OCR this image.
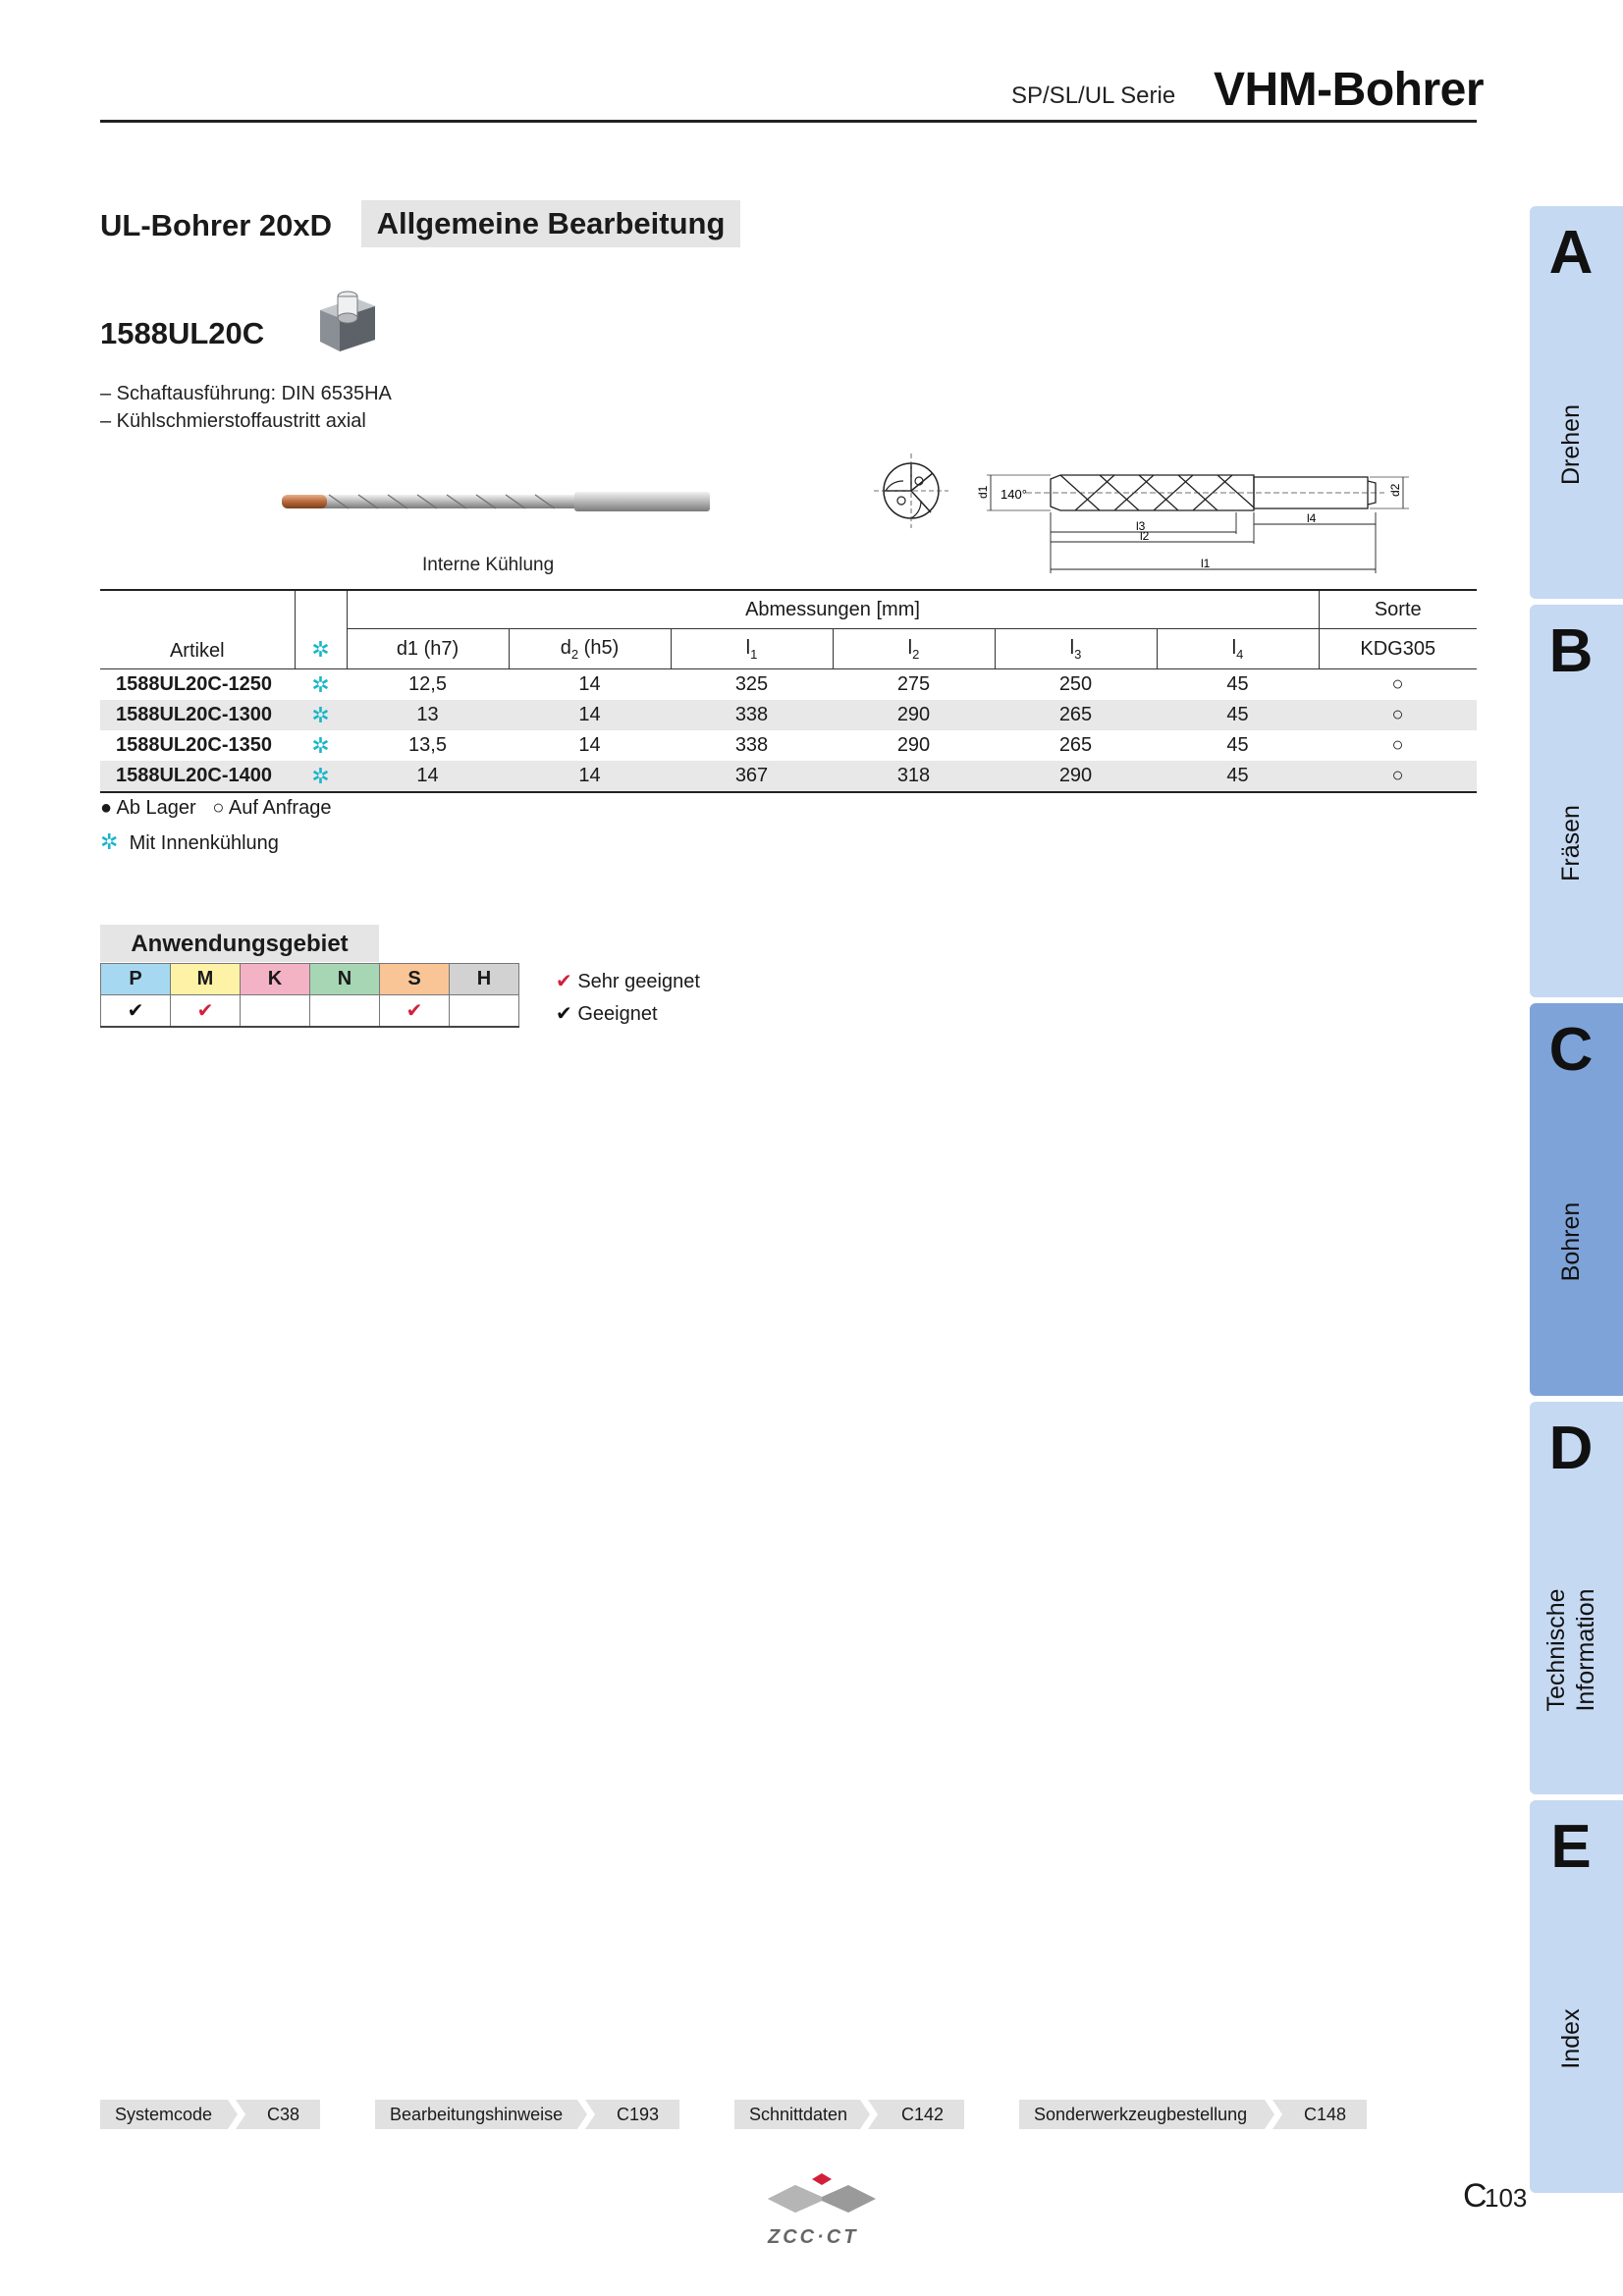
SP/SL/UL Serie VHM-Bohrer
A
Drehen
B
Fräsen
C
Bohren
D
Technische Information
E
Index
UL-Bohrer 20xD	Allgemeine Bearbeitung
1588UL20C
– Schaftausführung: DIN 6535HA
– Kühlschmierstoffaustritt axial
Interne Kühlung
d1 140°	d2
l3
l2
l1
l4
Artikel	✲	Abmessungen [mm]						Sorte
		d1 (h7)	$d_2$ (h5)	$l_1$	$l_2$	$l_3$	$l_4$	KDG305
1588UL20C-1250	✲	12,5	14	325	275	250	45	○
1588UL20C-1300	✲	13	14	338	290	265	45	○
1588UL20C-1350	✲	13,5	14	338	290	265	45	○
1588UL20C-1400	✲	14	14	367	318	290	45	○
● Ab Lager ○ Auf Anfrage
✲ Mit Innenkühlung
Anwendungsgebiet
P	M	K	N	S	H
✔	✔			✔	
✔ Sehr geeignet
✔ Geeignet
Systemcode	C38	Bearbeitungshinweise	C193	Schnittdaten	C142	Sonderwerkzeugbestellung	C148
ZCC·CT
C
103
